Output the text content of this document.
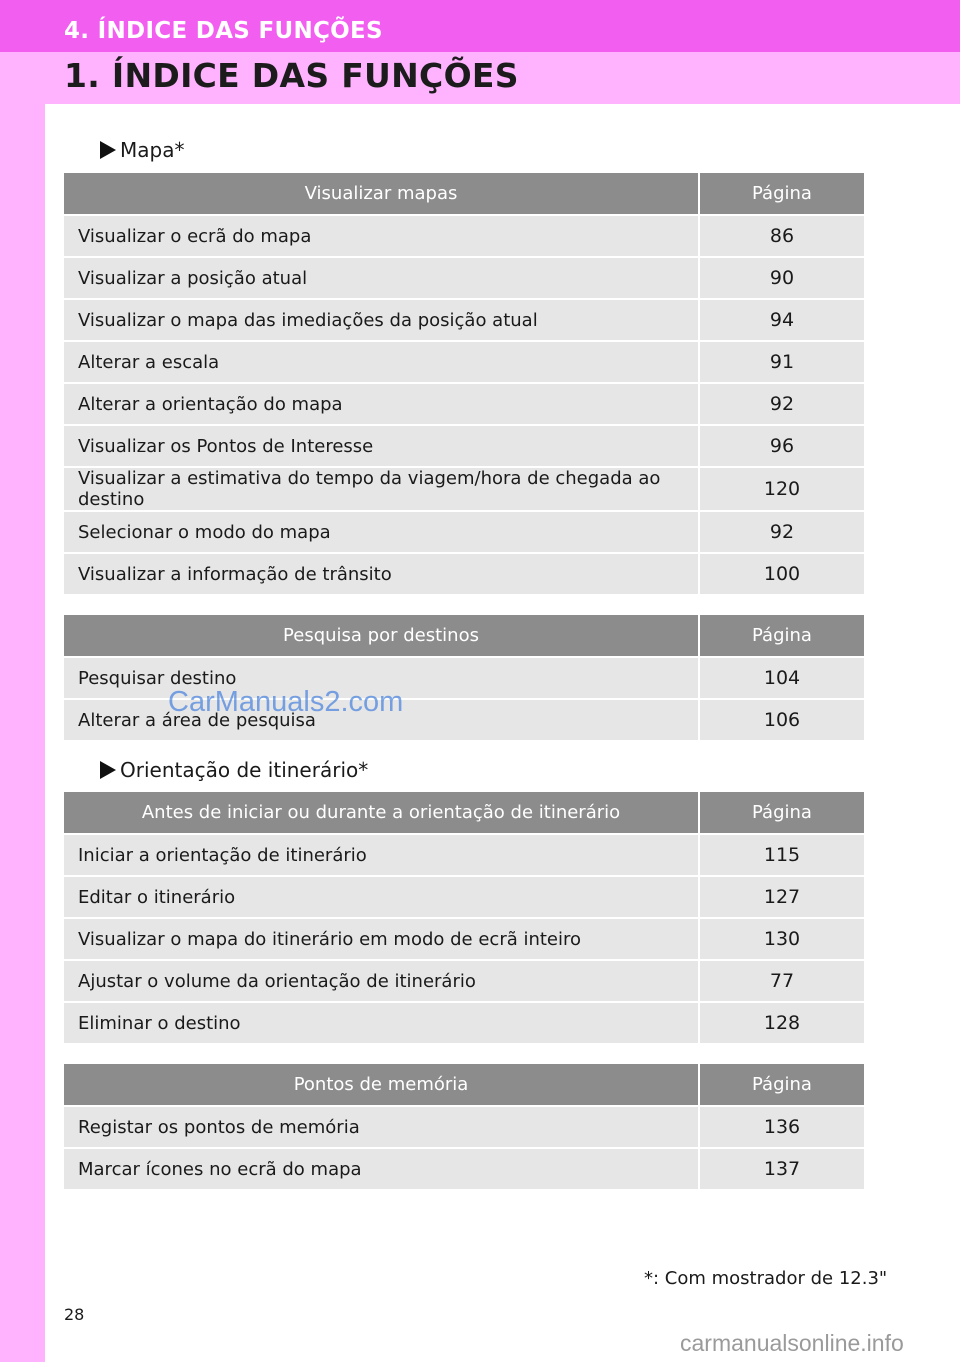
4. ÍNDICE DAS FUNÇÕES
1. ÍNDICE DAS FUNÇÕES
Mapa*
Visualizar mapas	Página
Visualizar o ecrã do mapa	86
Visualizar a posição atual	90
Visualizar o mapa das imediações da posição atual	94
Alterar a escala	91
Alterar a orientação do mapa	92
Visualizar os Pontos de Interesse	96
Visualizar a estimativa do tempo da viagem/hora de chegada ao destino	120
Selecionar o modo do mapa	92
Visualizar a informação de trânsito	100
Pesquisa por destinos	Página
Pesquisar destino	104
Alterar a área de pesquisa	106
CarManuals2.com
Orientação de itinerário*
Antes de iniciar ou durante a orientação de itinerário	Página
Iniciar a orientação de itinerário	115
Editar o itinerário	127
Visualizar o mapa do itinerário em modo de ecrã inteiro	130
Ajustar o volume da orientação de itinerário	77
Eliminar o destino	128
Pontos de memória	Página
Registar os pontos de memória	136
Marcar ícones no ecrã do mapa	137
*: Com mostrador de 12.3"
28
carmanualsonline.info
